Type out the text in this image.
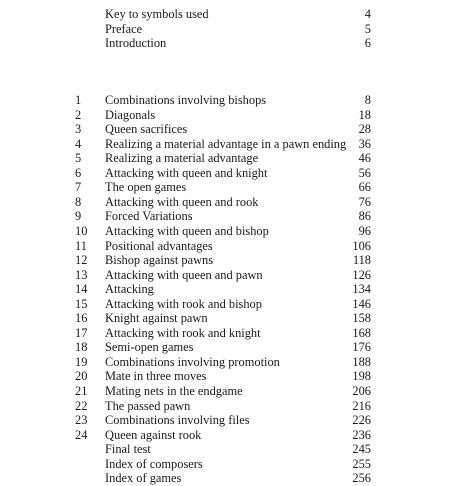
Key to symbols used	4
Preface	5
Introduction	6
1	Combinations involving bishops	8
2	Diagonals	18
3	Queen sacrifices	28
4	Realizing a material advantage in a pawn ending 36
5	Realizing a material advantage	46
6	Attacking with queen and knight	56
7	The open games	66
8	Attacking with queen and rook	76
9	Forced Variations	86
10	Attacking with queen and bishop	96
11	Positional advantages	106
12	Bishop against pawns	118
13	Attacking with queen and pawn	126
14	Attacking	134
15	Attacking with rook and bishop	146
16	Knight against pawn	158
17	Attacking with rook and knight	168
18	Semi-open games	176
19	Combinations involving promotion	188
20	Mate in three moves	198
21	Mating nets in the endgame	206
22	The passed pawn	216
23	Combinations involving files	226
24	Queen against rook	236
Final test	245
Index of composers	255
Index of games	256
